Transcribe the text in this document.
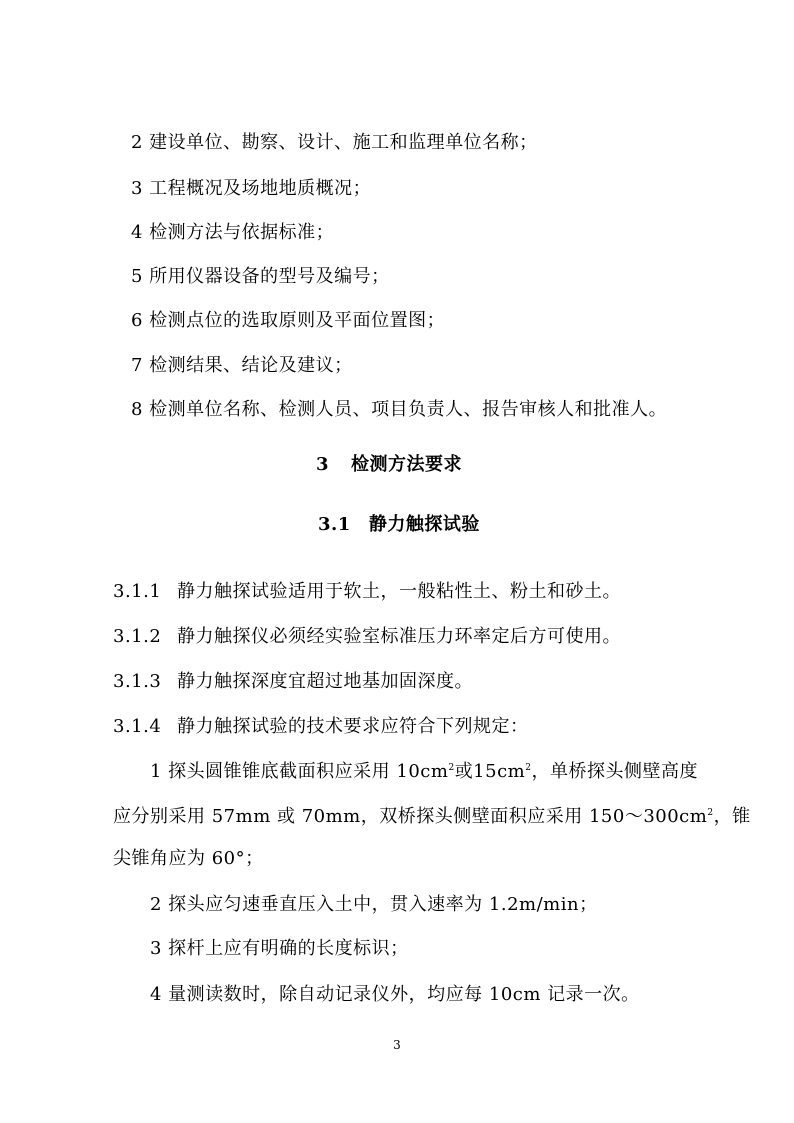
2 建设单位、勘察、设计、施工和监理单位名称；
3 工程概况及场地地质概况；
4 检测方法与依据标准；
5 所用仪器设备的型号及编号；
6 检测点位的选取原则及平面位置图；
7 检测结果、结论及建议；
8 检测单位名称、检测人员、项目负责人、报告审核人和批准人。
3 检测方法要求
3.1 静力触探试验
3.1.1 静力触探试验适用于软土，一般粘性土、粉土和砂土。
3.1.2 静力触探仪必须经实验室标准压力环率定后方可使用。
3.1.3 静力触探深度宜超过地基加固深度。
3.1.4 静力触探试验的技术要求应符合下列规定：
1 探头圆锥锥底截面积应采用 $10cm^2$或$15cm^2$，单桥探头侧壁高度
应分别采用 57mm 或 70mm，双桥探头侧壁面积应采用 $150\sim 300cm^2$，锥
尖锥角应为 60°；
2 探头应匀速垂直压入土中，贯入速率为 1.2m/min；
3 探杆上应有明确的长度标识；
4 量测读数时，除自动记录仪外，均应每 10cm 记录一次。
3
